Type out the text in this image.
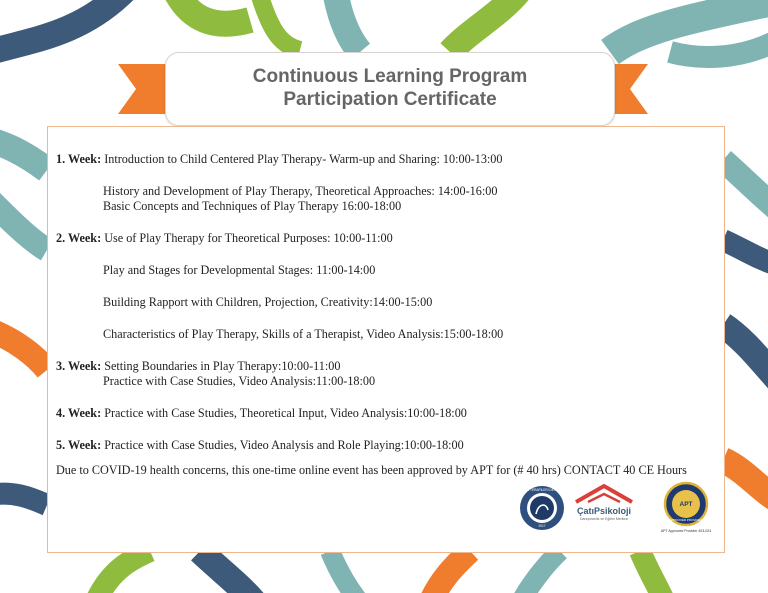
Continuous Learning Program
Participation Certificate
1. Week: Introduction to Child Centered Play Therapy- Warm-up and Sharing: 10:00-13:00
History and Development of Play Therapy, Theoretical Approaches: 14:00-16:00
Basic Concepts and Techniques of Play Therapy 16:00-18:00
2. Week: Use of Play Therapy for Theoretical Purposes: 10:00-11:00
Play and Stages for Developmental Stages: 11:00-14:00
Building Rapport with Children, Projection, Creativity:14:00-15:00
Characteristics of Play Therapy, Skills of a Therapist, Video Analysis:15:00-18:00
3. Week: Setting Boundaries in Play Therapy:10:00-11:00
Practice with Case Studies, Video Analysis:11:00-18:00
4. Week: Practice with Case Studies, Theoretical Input, Video Analysis:10:00-18:00
5. Week: Practice with Case Studies, Video Analysis and Role Playing:10:00-18:00
Due to COVID-19 health concerns, this one-time online event has been approved by APT for (# 40 hrs) CONTACT 40 CE Hours
OYUN TERAPİLERİ DERNEĞİ
2017
ÇatıPsikoloji
Danışmanlık ve Eğitim Merkezi
APT
APPROVED PROVIDER
APT Approved Provider 403-024
